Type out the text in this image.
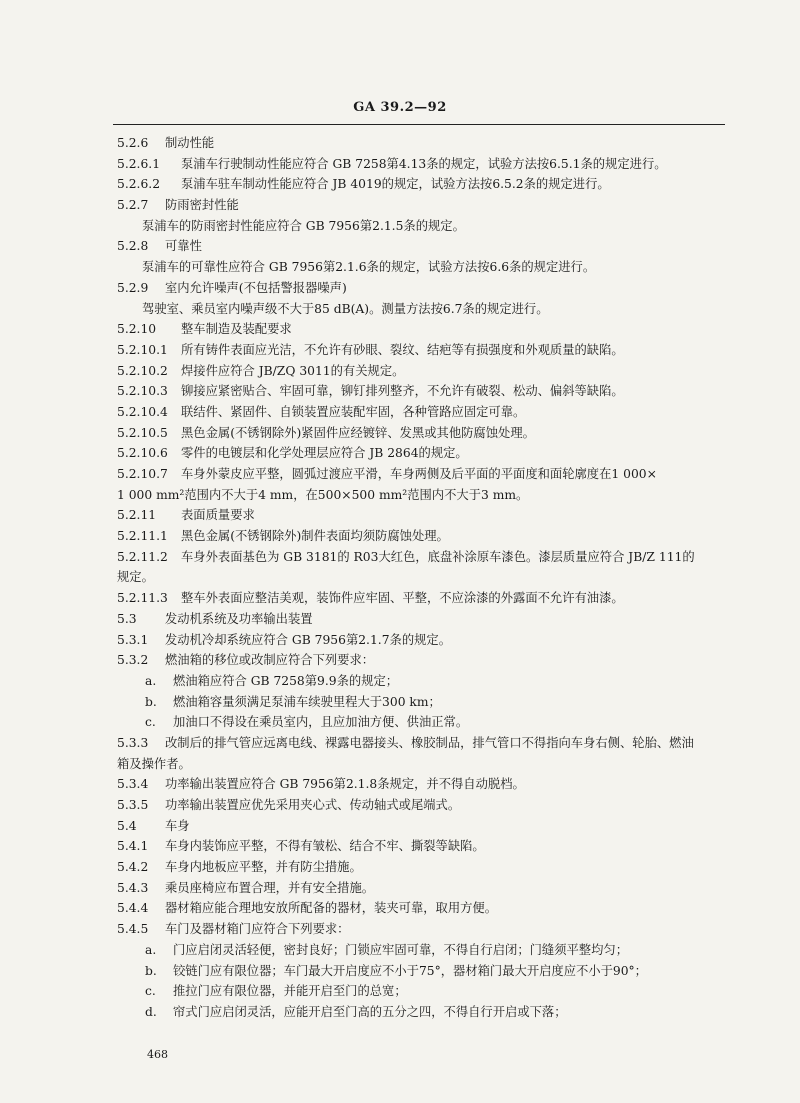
GA 39.2—92
5.2.6 制动性能
5.2.6.1 泵浦车行驶制动性能应符合 GB 7258第4.13条的规定，试验方法按6.5.1条的规定进行。
5.2.6.2 泵浦车驻车制动性能应符合 JB 4019的规定，试验方法按6.5.2条的规定进行。
5.2.7 防雨密封性能
泵浦车的防雨密封性能应符合 GB 7956第2.1.5条的规定。
5.2.8 可靠性
泵浦车的可靠性应符合 GB 7956第2.1.6条的规定，试验方法按6.6条的规定进行。
5.2.9 室内允许噪声(不包括警报器噪声)
驾驶室、乘员室内噪声级不大于85 dB(A)。测量方法按6.7条的规定进行。
5.2.10 整车制造及装配要求
5.2.10.1 所有铸件表面应光洁，不允许有砂眼、裂纹、结疤等有损强度和外观质量的缺陷。
5.2.10.2 焊接件应符合 JB/ZQ 3011的有关规定。
5.2.10.3 铆接应紧密贴合、牢固可靠，铆钉排列整齐，不允许有破裂、松动、偏斜等缺陷。
5.2.10.4 联结件、紧固件、自锁装置应装配牢固，各种管路应固定可靠。
5.2.10.5 黑色金属(不锈钢除外)紧固件应经镀锌、发黑或其他防腐蚀处理。
5.2.10.6 零件的电镀层和化学处理层应符合 JB 2864的规定。
5.2.10.7 车身外蒙皮应平整，圆弧过渡应平滑，车身两侧及后平面的平面度和面轮廓度在1 000×
1 000 mm²范围内不大于4 mm，在500×500 mm²范围内不大于3 mm。
5.2.11 表面质量要求
5.2.11.1 黑色金属(不锈钢除外)制件表面均须防腐蚀处理。
5.2.11.2 车身外表面基色为 GB 3181的 R03大红色，底盘补涂原车漆色。漆层质量应符合 JB/Z 111的
规定。
5.2.11.3 整车外表面应整洁美观，装饰件应牢固、平整，不应涂漆的外露面不允许有油漆。
5.3 发动机系统及功率输出装置
5.3.1 发动机冷却系统应符合 GB 7956第2.1.7条的规定。
5.3.2 燃油箱的移位或改制应符合下列要求：
a. 燃油箱应符合 GB 7258第9.9条的规定；
b. 燃油箱容量须满足泵浦车续驶里程大于300 km；
c. 加油口不得设在乘员室内，且应加油方便、供油正常。
5.3.3 改制后的排气管应远离电线、裸露电器接头、橡胶制品，排气管口不得指向车身右侧、轮胎、燃油
箱及操作者。
5.3.4 功率输出装置应符合 GB 7956第2.1.8条规定，并不得自动脱档。
5.3.5 功率输出装置应优先采用夹心式、传动轴式或尾端式。
5.4 车身
5.4.1 车身内装饰应平整，不得有皱松、结合不牢、撕裂等缺陷。
5.4.2 车身内地板应平整，并有防尘措施。
5.4.3 乘员座椅应布置合理，并有安全措施。
5.4.4 器材箱应能合理地安放所配备的器材，装夹可靠，取用方便。
5.4.5 车门及器材箱门应符合下列要求：
a. 门应启闭灵活轻便，密封良好；门锁应牢固可靠，不得自行启闭；门缝须平整均匀；
b. 铰链门应有限位器；车门最大开启度应不小于75°，器材箱门最大开启度应不小于90°；
c. 推拉门应有限位器，并能开启至门的总宽；
d. 帘式门应启闭灵活，应能开启至门高的五分之四，不得自行开启或下落；
468
